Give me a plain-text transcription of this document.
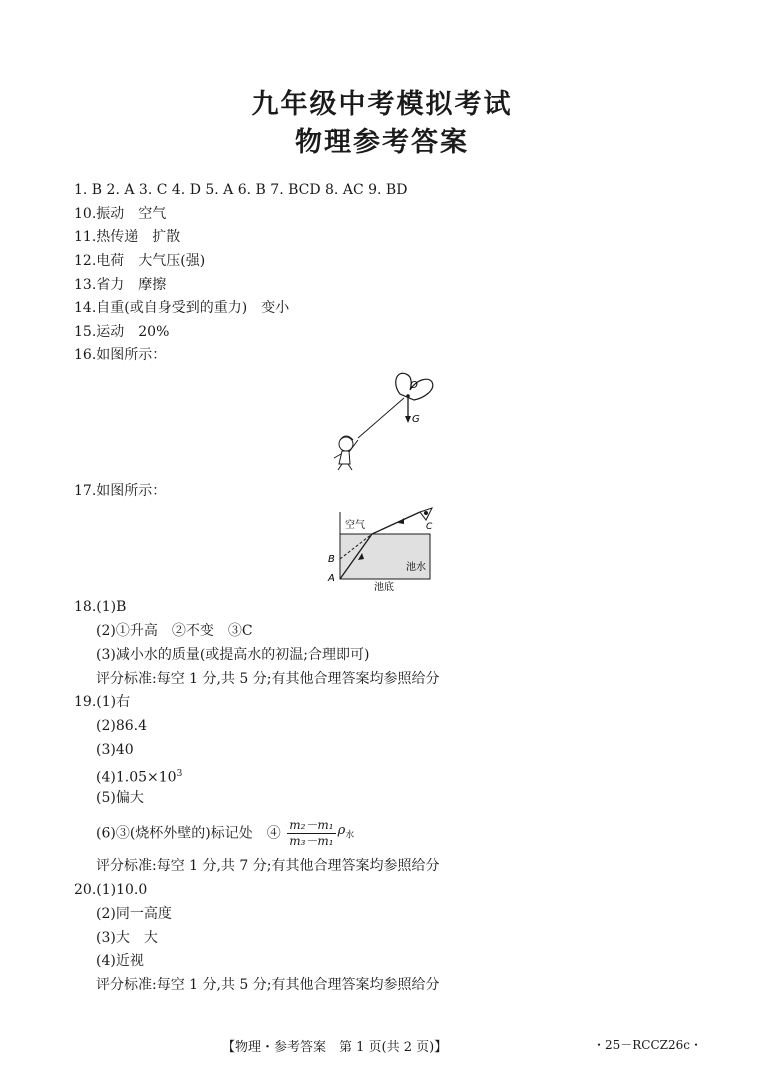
九年级中考模拟考试
物理参考答案
1. B 2. A 3. C 4. D 5. A 6. B 7. BCD 8. AC 9. BD
10.振动　空气
11.热传递　扩散
12.电荷　大气压(强)
13.省力　摩擦
14.自重(或自身受到的重力)　变小
15.运动　20%
16.如图所示：
O
G
17.如图所示：
C
空气
池水
池底
B
A
18.(1)B
(2)①升高　②不变　③C
(3)减小水的质量(或提高水的初温;合理即可)
评分标准:每空 1 分,共 5 分;有其他合理答案均参照给分
19.(1)右
(2)86.4
(3)40
$(4)1.05\times 10^3$
(5)偏大
(6)③(烧杯外壁的)标记处　④ $\frac{\text{m₂－m₁}}{\text{m₃－m₁}} \rho_水$
评分标准:每空 1 分,共 7 分;有其他合理答案均参照给分
20.(1)10.0
(2)同一高度
(3)大　大
(4)近视
评分标准:每空 1 分,共 5 分;有其他合理答案均参照给分
【物理・参考答案　第 1 页(共 2 页)】	・25－RCCZ26c・
